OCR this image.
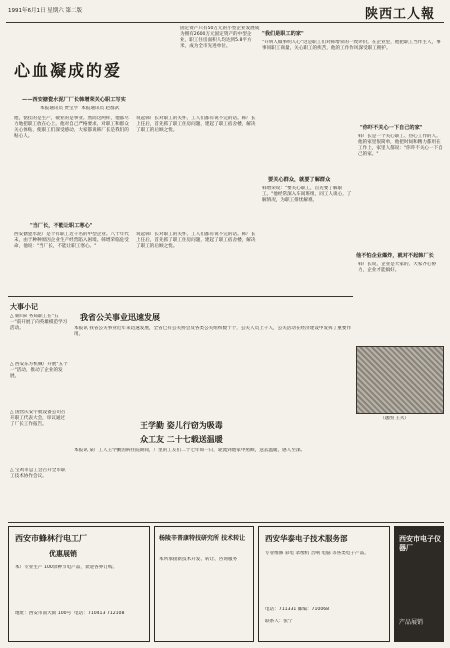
1991年6月1日 星期六 第二版	陕西工人報
心血凝成的爱
——西安搪瓷水泥厂厂长韩增荣关心职工写实
本报通讯员 贾宝亨  本报通讯员 赵群武
他，惦挂的是生产，敬业的是事业。然而这两样，他都尽力地把职工放在心上。他对自己严格要求，对职工和群众关心体贴，使职工们深受感动，大家都说韩厂长是我们的贴心人。
说起韩厂长对职工的关怀，工人们都有说不完的话。韩厂长上任后，首先抓了职工住房问题，建起了职工宿舍楼，解决了职工的后顾之忧。
"当厂长，不能让职工寒心"
西安搪瓷水泥厂是个有职工近千名的中型企业。八十年代末，由于种种原因企业生产经营陷入困境。韩增荣临危受命，他说："当厂长，不能让职工寒心。"
说起韩厂长对职工的关怀，工人们都有说不完的话。韩厂长上任后，首先抓了职工住房问题，建起了职工宿舍楼，解决了职工的后顾之忧。
固定资产只有50万元的小型企业发展成为拥有2600万元固定资产的中型企业，职工住房面积人均达到5.8平方米，成为全市先进单位。
"我们是职工的家"
"开明人做事明人心"这是职工们对韩增荣的一致评价。在企业里，他把职工当作主人，事事同职工商量，关心职工的疾苦，他的工作作风深受职工拥护。
要关心群众，就要了解群众
韩增荣说："要关心职工，首先要了解职工。"他经常深入车间班组，同工人谈心，了解情况，为职工排忧解难。
"你吓不关心一下自己的家"
韩厂长是一个关心职工、热心工作的人。他的家里很简单，他把时间和精力都用在工作上，家里人都说："你吓不关心一下自己的家。"
他不怕企业爆炸，就对不起韩厂长
韩厂长说，企业是大家的，大家齐心协力，企业才能搞好。
（题图 王夫）
大事小记
△ 铜川矿务局职工在"五一"前开展了向英雄模范学习活动。
△ 西安东方机械厂开展"五个一"活动，推动了企业的发展。
△ 国营庆安宇航设备公司召开职工代表大会，审议通过了厂长工作报告。
△ 宝鸡市总工会召开全市职工技术协作会议。
我省公关事业迅速发展
本报讯 我省公关事业近年来迅速发展，全省已有公关协会及各类公关组织数十个，公关人员上千人，公关活动在经济建设中发挥了重要作用。
王学勤 姿儿行窃为吸毒
众工友 二十七载送温暖
本报讯 某厂工人王学勤因病住院期间，厂里的工友们二十七年如一日，轮流到他家中照顾，送去温暖，感人至深。
西安市蜂林行电工厂
优惠展销
本厂专业生产 100余种节电产品，欢迎各界订购。
地址：西安市南大街 100号  电话：710413 712108
杨陵辛普康特技研究所 技术转让
本所承接新技术开发、转让、咨询服务
西安华泰电子技术服务部
专业维修 彩电 录像机 音响 电脑 等各类电子产品。
电话：711331 邮编：710068
联系人：张宁
西安市电子仪器厂
产品展销
